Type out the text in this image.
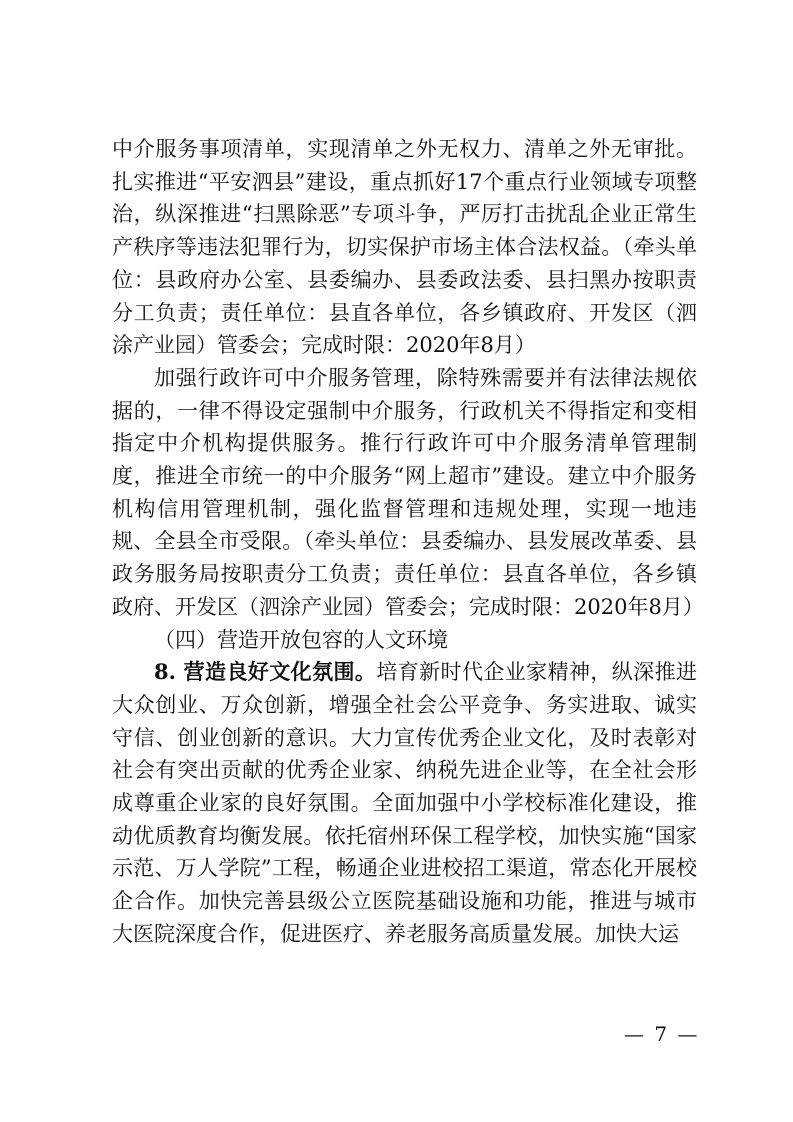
中介服务事项清单，实现清单之外无权力、清单之外无审批。扎实推进“平安泗县”建设，重点抓好17个重点行业领域专项整治，纵深推进“扫黑除恶”专项斗争，严厉打击扰乱企业正常生产秩序等违法犯罪行为，切实保护市场主体合法权益。（牵头单位：县政府办公室、县委编办、县委政法委、县扫黑办按职责分工负责；责任单位：县直各单位，各乡镇政府、开发区（泗涂产业园）管委会；完成时限：2020年8月）

加强行政许可中介服务管理，除特殊需要并有法律法规依据的，一律不得设定强制中介服务，行政机关不得指定和变相指定中介机构提供服务。推行行政许可中介服务清单管理制度，推进全市统一的中介服务“网上超市”建设。建立中介服务机构信用管理机制，强化监督管理和违规处理，实现一地违规、全县全市受限。（牵头单位：县委编办、县发展改革委、县政务服务局按职责分工负责；责任单位：县直各单位，各乡镇政府、开发区（泗涂产业园）管委会；完成时限：2020年8月）

（四）营造开放包容的人文环境

8. 营造良好文化氛围。培育新时代企业家精神，纵深推进大众创业、万众创新，增强全社会公平竞争、务实进取、诚实守信、创业创新的意识。大力宣传优秀企业文化，及时表彰对社会有突出贡献的优秀企业家、纳税先进企业等，在全社会形成尊重企业家的良好氛围。全面加强中小学校标准化建设，推动优质教育均衡发展。依托宿州环保工程学校，加快实施“国家示范、万人学院”工程，畅通企业进校招工渠道，常态化开展校企合作。加快完善县级公立医院基础设施和功能，推进与城市大医院深度合作，促进医疗、养老服务高质量发展。加快大运

— 7 —
